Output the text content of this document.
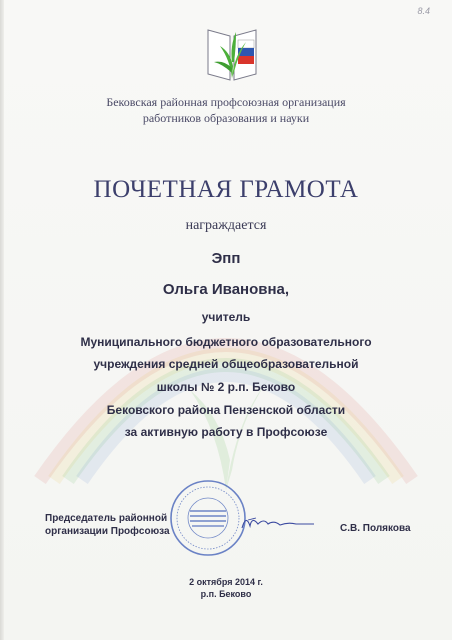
8.4
Бековская районная профсоюзная организация
работников образования и науки
ПОЧЕТНАЯ ГРАМОТА
награждается
Эпп
Ольга Ивановна,
учитель
Муниципального бюджетного образовательного
учреждения средней общеобразовательной
школы № 2 р.п. Беково
Бековского района Пензенской области
за активную работу в Профсоюзе
Председатель районной
организации Профсоюза	С.В. Полякова
2 октября 2014 г.
р.п. Беково
